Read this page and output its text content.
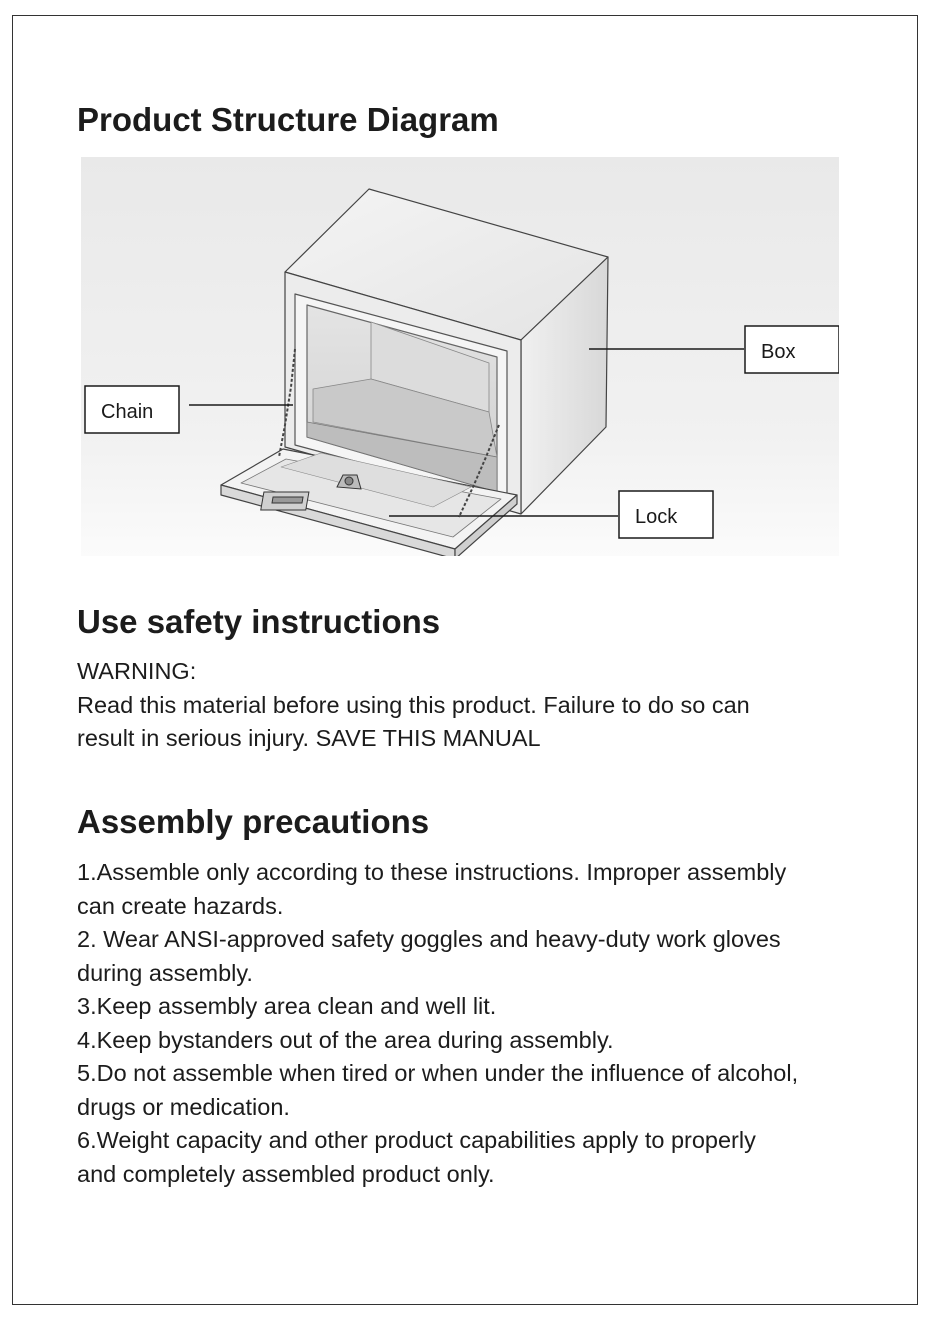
Product Structure Diagram
Chain
Box
Lock
Use safety instructions
WARNING:
Read this material before using this product. Failure to do so can
result in serious injury. SAVE THIS MANUAL
Assembly precautions
1.Assemble only according to these instructions. Improper assembly
can create hazards.
2. Wear ANSI-approved safety goggles and heavy-duty work gloves
during assembly.
3.Keep assembly area clean and well lit.
4.Keep bystanders out of the area during assembly.
5.Do not assemble when tired or when under the influence of alcohol,
drugs or medication.
6.Weight capacity and other product capabilities apply to properly
and completely assembled product only.
